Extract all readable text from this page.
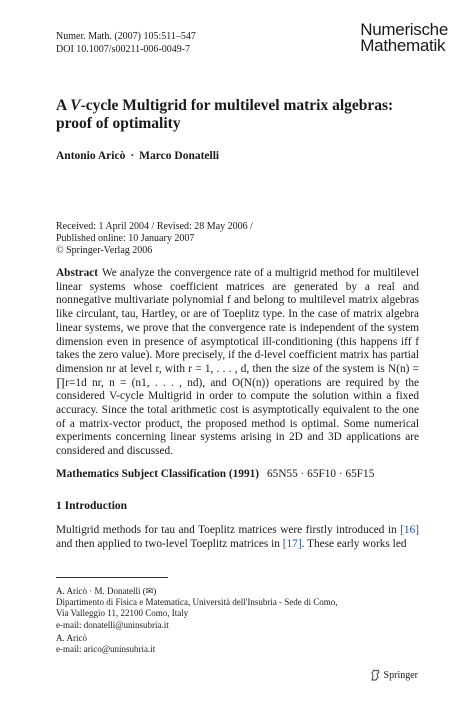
Numer. Math. (2007) 105:511–547
DOI 10.1007/s00211-006-0049-7
Numerische
Mathematik
A V-cycle Multigrid for multilevel matrix algebras:
proof of optimality
Antonio Aricò · Marco Donatelli
Received: 1 April 2004 / Revised: 28 May 2006 /
Published online: 10 January 2007
© Springer-Verlag 2006
Abstract We analyze the convergence rate of a multigrid method for multilevel linear systems whose coefficient matrices are generated by a real and nonnegative multivariate polynomial f and belong to multilevel matrix algebras like circulant, tau, Hartley, or are of Toeplitz type. In the case of matrix algebra linear systems, we prove that the convergence rate is independent of the system dimension even in presence of asymptotical ill-conditioning (this happens iff f takes the zero value). More precisely, if the d-level coefficient matrix has partial dimension nr at level r, with r = 1, . . . , d, then the size of the system is N(n) = ∏r=1d nr, n = (n1, . . . , nd), and O(N(n)) operations are required by the considered V-cycle Multigrid in order to compute the solution within a fixed accuracy. Since the total arithmetic cost is asymptotically equivalent to the one of a matrix-vector product, the proposed method is optimal. Some numerical experiments concerning linear systems arising in 2D and 3D applications are considered and discussed.
Mathematics Subject Classification (1991) 65N55 · 65F10 · 65F15
1 Introduction
Multigrid methods for tau and Toeplitz matrices were firstly introduced in [16] and then applied to two-level Toeplitz matrices in [17]. These early works led
A. Aricò · M. Donatelli (✉)
Dipartimento di Fisica e Matematica, Università dell'Insubria - Sede di Como,
Via Valleggio 11, 22100 Como, Italy
e-mail: donatelli@uninsubria.it
A. Aricò
e-mail: arico@uninsubria.it
Springer
